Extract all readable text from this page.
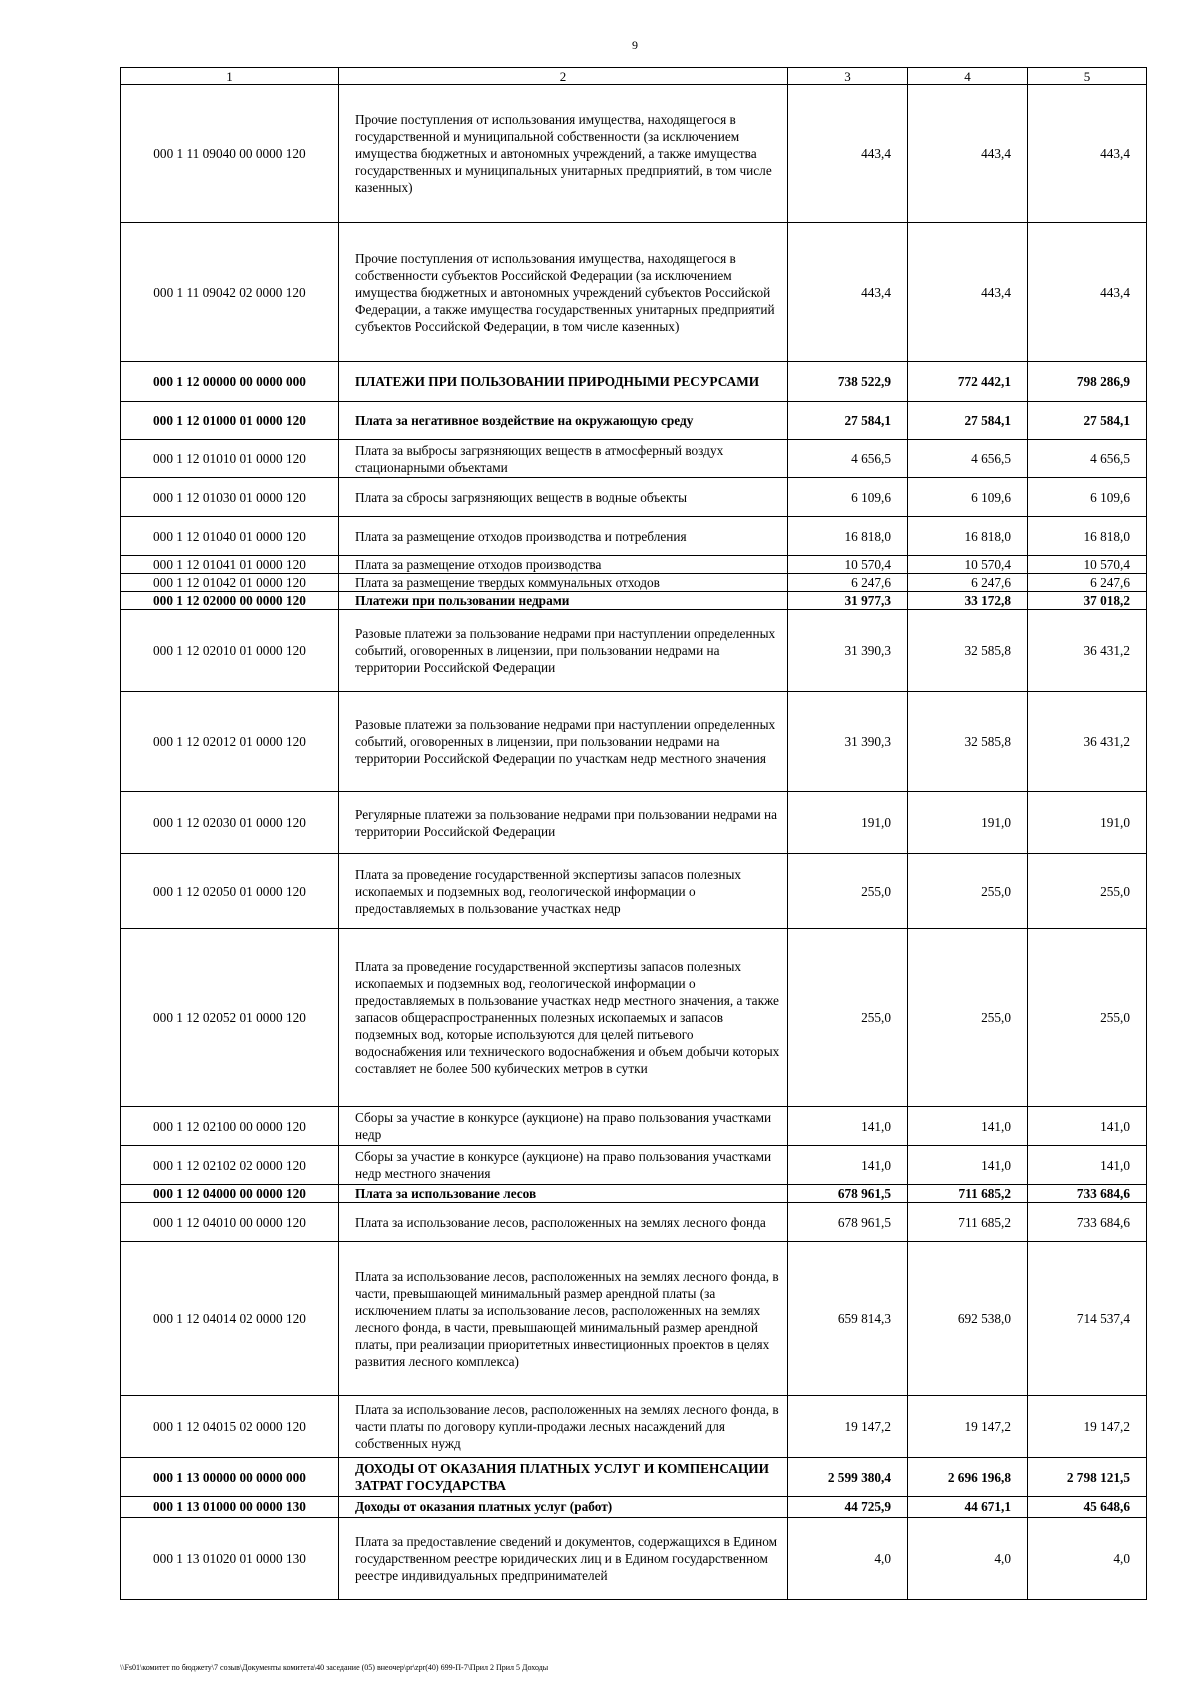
9
1	2	3	4	5
000 1 11 09040 00 0000 120	Прочие поступления от использования имущества, находящегося в государственной и муниципальной собственности (за исключением имущества бюджетных и автономных учреждений, а также имущества государственных и муниципальных унитарных предприятий, в том числе казенных)	443,4	443,4	443,4
000 1 11 09042 02 0000 120	Прочие поступления от использования имущества, находящегося в собственности субъектов Российской Федерации (за исключением имущества бюджетных и автономных учреждений субъектов Российской Федерации, а также имущества государственных унитарных предприятий субъектов Российской Федерации, в том числе казенных)	443,4	443,4	443,4
000 1 12 00000 00 0000 000	ПЛАТЕЖИ ПРИ ПОЛЬЗОВАНИИ ПРИРОДНЫМИ РЕСУРСАМИ	738 522,9	772 442,1	798 286,9
000 1 12 01000 01 0000 120	Плата за негативное воздействие на окружающую среду	27 584,1	27 584,1	27 584,1
000 1 12 01010 01 0000 120	Плата за выбросы загрязняющих веществ в атмосферный воздух стационарными объектами	4 656,5	4 656,5	4 656,5
000 1 12 01030 01 0000 120	Плата за сбросы загрязняющих веществ в водные объекты	6 109,6	6 109,6	6 109,6
000 1 12 01040 01 0000 120	Плата за размещение отходов производства и потребления	16 818,0	16 818,0	16 818,0
000 1 12 01041 01 0000 120	Плата за размещение отходов производства	10 570,4	10 570,4	10 570,4
000 1 12 01042 01 0000 120	Плата за размещение твердых коммунальных отходов	6 247,6	6 247,6	6 247,6
000 1 12 02000 00 0000 120	Платежи при пользовании недрами	31 977,3	33 172,8	37 018,2
000 1 12 02010 01 0000 120	Разовые платежи за пользование недрами при наступлении определенных событий, оговоренных в лицензии, при пользовании недрами на территории Российской Федерации	31 390,3	32 585,8	36 431,2
000 1 12 02012 01 0000 120	Разовые платежи за пользование недрами при наступлении определенных событий, оговоренных в лицензии, при пользовании недрами на территории Российской Федерации по участкам недр местного значения	31 390,3	32 585,8	36 431,2
000 1 12 02030 01 0000 120	Регулярные платежи за пользование недрами при пользовании недрами на территории Российской Федерации	191,0	191,0	191,0
000 1 12 02050 01 0000 120	Плата за проведение государственной экспертизы запасов полезных ископаемых и подземных вод, геологической информации о предоставляемых в пользование участках недр	255,0	255,0	255,0
000 1 12 02052 01 0000 120	Плата за проведение государственной экспертизы запасов полезных ископаемых и подземных вод, геологической информации о предоставляемых в пользование участках недр местного значения, а также запасов общераспространенных полезных ископаемых и запасов подземных вод, которые используются для целей питьевого водоснабжения или технического водоснабжения и объем добычи которых составляет не более 500 кубических метров в сутки	255,0	255,0	255,0
000 1 12 02100 00 0000 120	Сборы за участие в конкурсе (аукционе) на право пользования участками недр	141,0	141,0	141,0
000 1 12 02102 02 0000 120	Сборы за участие в конкурсе (аукционе) на право пользования участками недр местного значения	141,0	141,0	141,0
000 1 12 04000 00 0000 120	Плата за использование лесов	678 961,5	711 685,2	733 684,6
000 1 12 04010 00 0000 120	Плата за использование лесов, расположенных на землях лесного фонда	678 961,5	711 685,2	733 684,6
000 1 12 04014 02 0000 120	Плата за использование лесов, расположенных на землях лесного фонда, в части, превышающей минимальный размер арендной платы (за исключением платы за использование лесов, расположенных на землях лесного фонда, в части, превышающей минимальный размер арендной платы, при реализации приоритетных инвестиционных проектов в целях развития лесного комплекса)	659 814,3	692 538,0	714 537,4
000 1 12 04015 02 0000 120	Плата за использование лесов, расположенных на землях лесного фонда, в части платы по договору купли-продажи лесных насаждений для собственных нужд	19 147,2	19 147,2	19 147,2
000 1 13 00000 00 0000 000	ДОХОДЫ ОТ ОКАЗАНИЯ ПЛАТНЫХ УСЛУГ И КОМПЕНСАЦИИ ЗАТРАТ ГОСУДАРСТВА	2 599 380,4	2 696 196,8	2 798 121,5
000 1 13 01000 00 0000 130	Доходы от оказания платных услуг (работ)	44 725,9	44 671,1	45 648,6
000 1 13 01020 01 0000 130	Плата за предоставление сведений и документов, содержащихся в Едином государственном реестре юридических лиц и в Едином государственном реестре индивидуальных предпринимателей	4,0	4,0	4,0
\\Fs01\комитет по бюджету\7 созыв\Документы комитета\40 заседание (05) внеочер\pr\zpr(40) 699-П-7\Прил 2 Прил 5 Доходы
